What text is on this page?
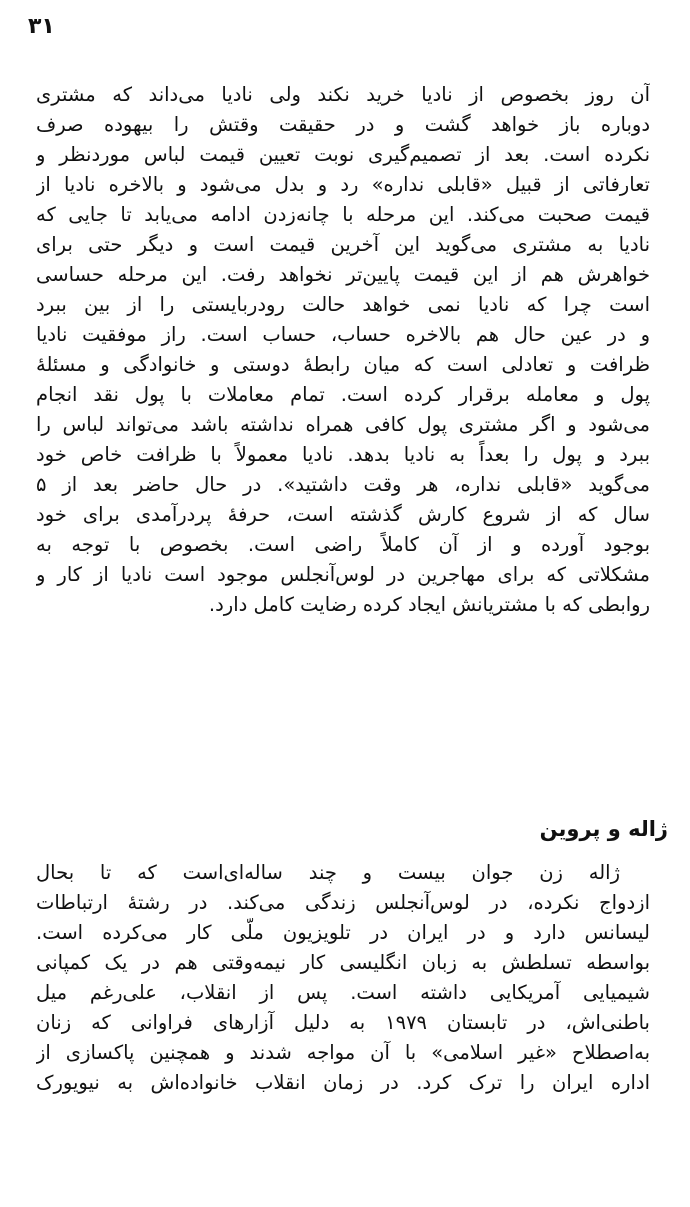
۳۱
آن روز بخصوص از نادیا خرید نکند ولی نادیا می‌داند که مشتری
دوباره باز خواهد گشت و در حقیقت وقتش را بیهوده صرف
نکرده است. بعد از تصمیم‌گیری نوبت تعیین قیمت لباس موردنظر و
تعارفاتی از قبیل «قابلی نداره» رد و بدل می‌شود و بالاخره نادیا از
قیمت صحبت می‌کند. این مرحله با چانه‌زدن ادامه می‌یابد تا جایی که
نادیا به مشتری می‌گوید این آخرین قیمت است و دیگر حتی برای
خواهرش هم از این قیمت پایین‌تر نخواهد رفت. این مرحله حساسی
است چرا که نادیا نمی خواهد حالت رودربایستی را از بین ببرد
و در عین حال هم بالاخره حساب، حساب است. راز موفقیت نادیا
ظرافت و تعادلی است که میان رابطهٔ دوستی و خانوادگی و مسئلهٔ
پول و معامله برقرار کرده است. تمام معاملات با پول نقد انجام
می‌شود و اگر مشتری پول کافی همراه نداشته باشد می‌تواند لباس را
ببرد و پول را بعداً به نادیا بدهد. نادیا معمولاً با ظرافت خاص خود
می‌گوید «قابلی نداره، هر وقت داشتید». در حال حاضر بعد از ۵
سال که از شروع کارش گذشته است، حرفهٔ پردرآمدی برای خود
بوجود آورده و از آن کاملاً راضی است. بخصوص با توجه به
مشکلاتی که برای مهاجرین در لوس‌آنجلس موجود است نادیا از کار و
روابطی که با مشتریانش ایجاد کرده رضایت کامل دارد.
ژاله و پروین
ژاله زن جوان بیست و چند ساله‌ای‌است که تا بحال
ازدواج نکرده، در لوس‌آنجلس زندگی می‌کند. در رشتهٔ ارتباطات
لیسانس دارد و در ایران در تلویزیون ملّی کار می‌کرده است.
بواسطه تسلطش به زبان انگلیسی کار نیمه‌وقتی هم در یک کمپانی
شیمیایی آمریکایی داشته است. پس از انقلاب، علی‌رغم میل
باطنی‌اش، در تابستان ۱۹۷۹ به دلیل آزارهای فراوانی که زنان
به‌اصطلاح «غیر اسلامی» با آن مواجه شدند و همچنین پاکسازی از
اداره ایران را ترک کرد. در زمان انقلاب خانواده‌اش به نیویورک
